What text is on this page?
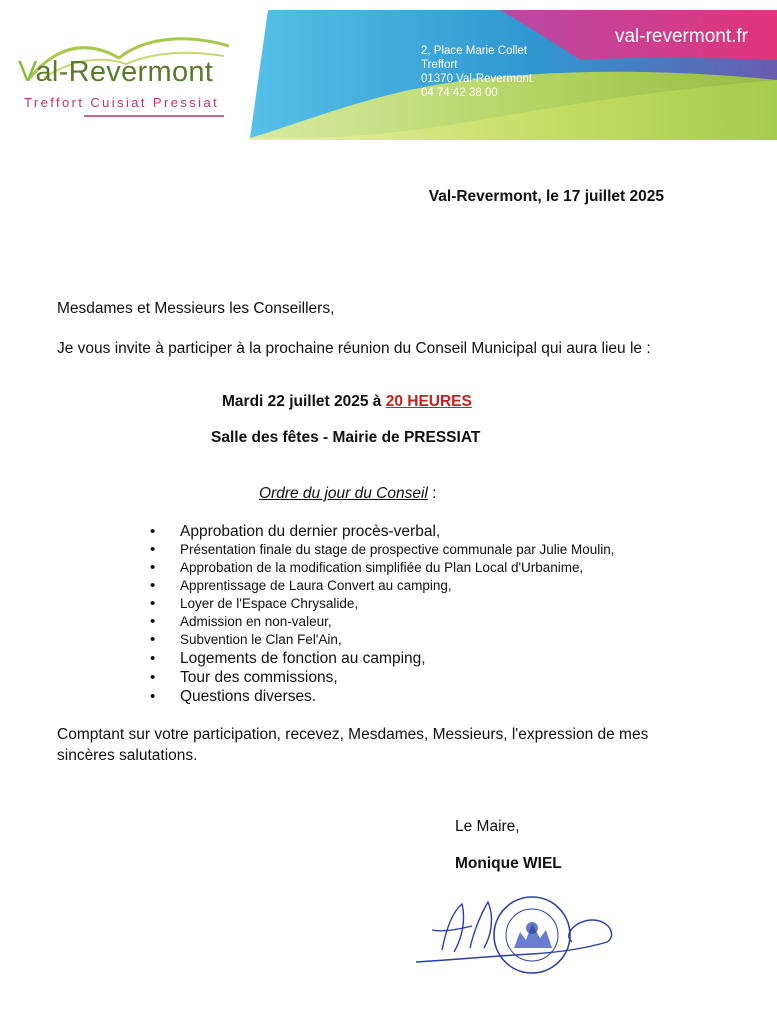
Val-Revermont
Treffort Cuisiat Pressiat
val-revermont.fr
2, Place Marie Collet
Treffort
01370 Val-Revermont
04 74 42 38 00
Val-Revermont, le 17 juillet 2025
Mesdames et Messieurs les Conseillers,
Je vous invite à participer à la prochaine réunion du Conseil Municipal qui aura lieu le :
Mardi 22 juillet 2025 à 20 HEURES
Salle des fêtes - Mairie de PRESSIAT
Ordre du jour du Conseil :
• Approbation du dernier procès-verbal,
• Présentation finale du stage de prospective communale par Julie Moulin,
• Approbation de la modification simplifiée du Plan Local d'Urbanime,
• Apprentissage de Laura Convert au camping,
• Loyer de l'Espace Chrysalide,
• Admission en non-valeur,
• Subvention le Clan Fel'Ain,
• Logements de fonction au camping,
• Tour des commissions,
• Questions diverses.
Comptant sur votre participation, recevez, Mesdames, Messieurs, l'expression de mes
sincères salutations.
Le Maire,
Monique WIEL
